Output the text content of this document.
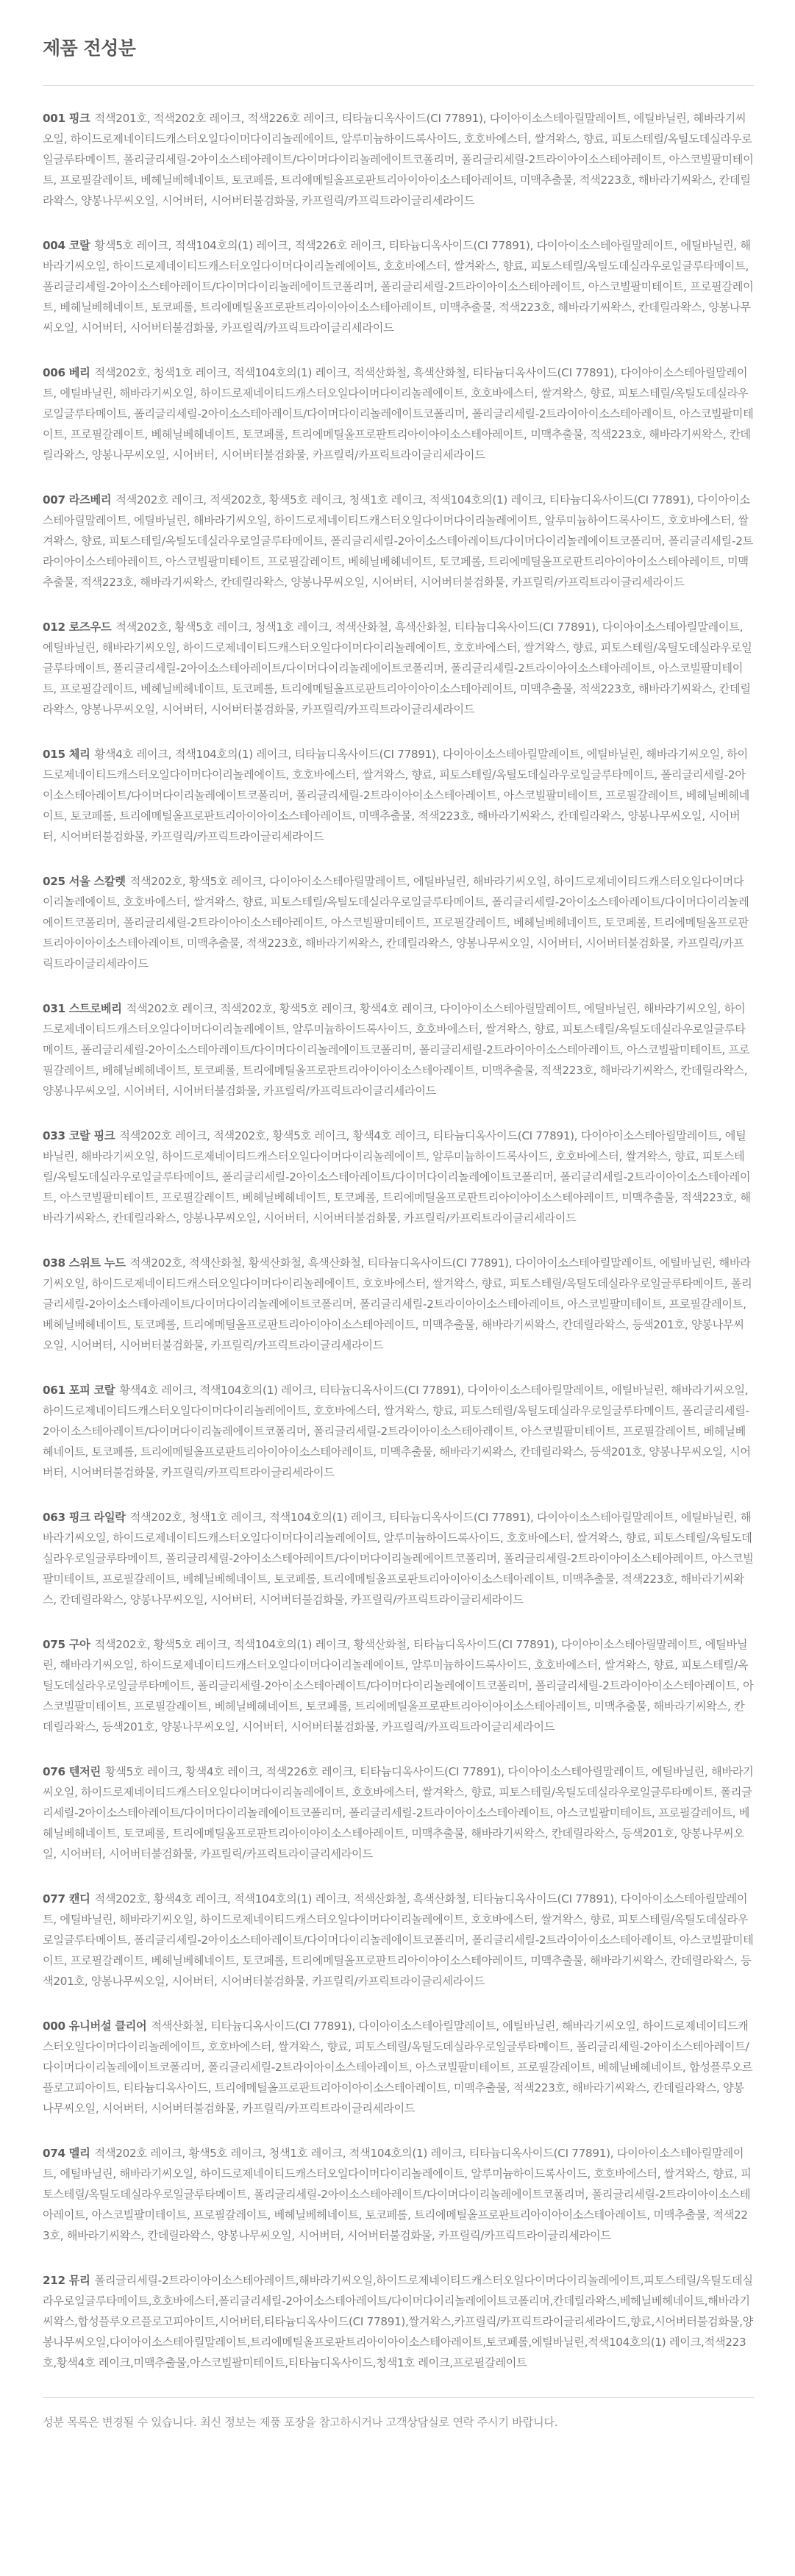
제품 전성분

001 핑크 적색201호, 적색202호 레이크, 적색226호 레이크, 티타늄디옥사이드(CI 77891), 다이아이소스테아릴말레이트, 에틸바닐린, 헤바라기씨오일, 하이드로제네이티드캐스터오일다이머다이리놀레에이트, 알루미늄하이드록사이드, 호호바에스터, 쌀겨왁스, 향료, 피토스테릴/옥틸도데실라우로일글루타메이트, 폴리글리세릴-2아이소스테아레이트/다이머다이리놀레에이트코폴리머, 폴리글리세릴-2트라이아이소스테아레이트, 아스코빌팔미테이트, 프로필갈레이트, 베헤닐베헤네이트, 토코페롤, 트리에메틸올프로판트리아이아이소스테아레이트, 미맥추출물, 적색223호, 해바라기씨왁스, 칸데릴라왁스, 양봉나무씨오일, 시어버터, 시어버터불검화물, 카프릴릭/카프릭트라이글리세라이드

004 코랄 황색5호 레이크, 적색104호의(1) 레이크, 적색226호 레이크, 티타늄디옥사이드(CI 77891), 다이아이소스테아릴말레이트, 에틸바닐린, 해바라기씨오일, 하이드로제네이티드캐스터오일다이머다이리놀레에이트, 호호바에스터, 쌀겨왁스, 향료, 피토스테릴/옥틸도데실라우로일글루타메이트, 폴리글리세릴-2아이소스테아레이트/다이머다이리놀레에이트코폴리머, 폴리글리세릴-2트라이아이소스테아레이트, 아스코빌팔미테이트, 프로필갈레이트, 베헤닐베헤네이트, 토코페롤, 트리에메틸올프로판트리아이아이소스테아레이트, 미맥추출물, 적색223호, 해바라기씨왁스, 칸데릴라왁스, 양봉나무씨오일, 시어버터, 시어버터불검화물, 카프릴릭/카프릭트라이글리세라이드

006 베리 적색202호, 청색1호 레이크, 적색104호의(1) 레이크, 적색산화철, 흑색산화철, 티타늄디옥사이드(CI 77891), 다이아이소스테아릴말레이트, 에틸바닐린, 해바라기씨오일, 하이드로제네이티드캐스터오일다이머다이리놀레에이트, 호호바에스터, 쌀겨왁스, 향료, 피토스테릴/옥틸도데실라우로일글루타메이트, 폴리글리세릴-2아이소스테아레이트/다이머다이리놀레에이트코폴리머, 폴리글리세릴-2트라이아이소스테아레이트, 아스코빌팔미테이트, 프로필갈레이트, 베헤닐베헤네이트, 토코페롤, 트리에메틸올프로판트리아이아이소스테아레이트, 미맥추출물, 적색223호, 해바라기씨왁스, 칸데릴라왁스, 양봉나무씨오일, 시어버터, 시어버터불검화물, 카프릴릭/카프릭트라이글리세라이드

007 라즈베리 적색202호 레이크, 적색202호, 황색5호 레이크, 청색1호 레이크, 적색104호의(1) 레이크, 티타늄디옥사이드(CI 77891), 다이아이소스테아릴말레이트, 에틸바닐린, 해바라기씨오일, 하이드로제네이티드캐스터오일다이머다이리놀레에이트, 알루미늄하이드록사이드, 호호바에스터, 쌀겨왁스, 향료, 피토스테릴/옥틸도데실라우로일글루타메이트, 폴리글리세릴-2아이소스테아레이트/다이머다이리놀레에이트코폴리머, 폴리글리세릴-2트라이아이소스테아레이트, 아스코빌팔미테이트, 프로필갈레이트, 베헤닐베헤네이트, 토코페롤, 트리에메틸올프로판트리아이아이소스테아레이트, 미맥추출물, 적색223호, 해바라기씨왁스, 칸데릴라왁스, 양봉나무씨오일, 시어버터, 시어버터불검화물, 카프릴릭/카프릭트라이글리세라이드

012 로즈우드 적색202호, 황색5호 레이크, 청색1호 레이크, 적색산화철, 흑색산화철, 티타늄디옥사이드(CI 77891), 다이아이소스테아릴말레이트, 에틸바닐린, 해바라기씨오일, 하이드로제네이티드캐스터오일다이머다이리놀레에이트, 호호바에스터, 쌀겨왁스, 향료, 피토스테릴/옥틸도데실라우로일글루타메이트, 폴리글리세릴-2아이소스테아레이트/다이머다이리놀레에이트코폴리머, 폴리글리세릴-2트라이아이소스테아레이트, 아스코빌팔미테이트, 프로필갈레이트, 베헤닐베헤네이트, 토코페롤, 트리에메틸올프로판트리아이아이소스테아레이트, 미맥추출물, 적색223호, 해바라기씨왁스, 칸데릴라왁스, 양봉나무씨오일, 시어버터, 시어버터불검화물, 카프릴릭/카프릭트라이글리세라이드

015 체리 황색4호 레이크, 적색104호의(1) 레이크, 티타늄디옥사이드(CI 77891), 다이아이소스테아릴말레이트, 에틸바닐린, 해바라기씨오일, 하이드로제네이티드캐스터오일다이머다이리놀레에이트, 호호바에스터, 쌀겨왁스, 향료, 피토스테릴/옥틸도데실라우로일글루타메이트, 폴리글리세릴-2아이소스테아레이트/다이머다이리놀레에이트코폴리머, 폴리글리세릴-2트라이아이소스테아레이트, 아스코빌팔미테이트, 프로필갈레이트, 베헤닐베헤네이트, 토코페롤, 트리에메틸올프로판트리아이아이소스테아레이트, 미맥추출물, 적색223호, 해바라기씨왁스, 칸데릴라왁스, 양봉나무씨오일, 시어버터, 시어버터불검화물, 카프릴릭/카프릭트라이글리세라이드

025 서울 스칼렛 적색202호, 황색5호 레이크, 다이아이소스테아릴말레이트, 에틸바닐린, 해바라기씨오일, 하이드로제네이티드캐스터오일다이머다이리놀레에이트, 호호바에스터, 쌀겨왁스, 향료, 피토스테릴/옥틸도데실라우로일글루타메이트, 폴리글리세릴-2아이소스테아레이트/다이머다이리놀레에이트코폴리머, 폴리글리세릴-2트라이아이소스테아레이트, 아스코빌팔미테이트, 프로필갈레이트, 베헤닐베헤네이트, 토코페롤, 트리에메틸올프로판트리아이아이소스테아레이트, 미맥추출물, 적색223호, 해바라기씨왁스, 칸데릴라왁스, 양봉나무씨오일, 시어버터, 시어버터불검화물, 카프릴릭/카프릭트라이글리세라이드

031 스트로베리 적색202호 레이크, 적색202호, 황색5호 레이크, 황색4호 레이크, 다이아이소스테아릴말레이트, 에틸바닐린, 해바라기씨오일, 하이드로제네이티드캐스터오일다이머다이리놀레에이트, 알루미늄하이드록사이드, 호호바에스터, 쌀겨왁스, 향료, 피토스테릴/옥틸도데실라우로일글루타메이트, 폴리글리세릴-2아이소스테아레이트/다이머다이리놀레에이트코폴리머, 폴리글리세릴-2트라이아이소스테아레이트, 아스코빌팔미테이트, 프로필갈레이트, 베헤닐베헤네이트, 토코페롤, 트리에메틸올프로판트리아이아이소스테아레이트, 미맥추출물, 적색223호, 해바라기씨왁스, 칸데릴라왁스, 양봉나무씨오일, 시어버터, 시어버터불검화물, 카프릴릭/카프릭트라이글리세라이드

033 코랄 핑크 적색202호 레이크, 적색202호, 황색5호 레이크, 황색4호 레이크, 티타늄디옥사이드(CI 77891), 다이아이소스테아릴말레이트, 에틸바닐린, 해바라기씨오일, 하이드로제네이티드캐스터오일다이머다이리놀레에이트, 알루미늄하이드록사이드, 호호바에스터, 쌀겨왁스, 향료, 피토스테릴/옥틸도데실라우로일글루타메이트, 폴리글리세릴-2아이소스테아레이트/다이머다이리놀레에이트코폴리머, 폴리글리세릴-2트라이아이소스테아레이트, 아스코빌팔미테이트, 프로필갈레이트, 베헤닐베헤네이트, 토코페롤, 트리에메틸올프로판트리아이아이소스테아레이트, 미맥추출물, 적색223호, 해바라기씨왁스, 칸데릴라왁스, 양봉나무씨오일, 시어버터, 시어버터불검화물, 카프릴릭/카프릭트라이글리세라이드

038 스위트 누드 적색202호, 적색산화철, 황색산화철, 흑색산화철, 티타늄디옥사이드(CI 77891), 다이아이소스테아릴말레이트, 에틸바닐린, 해바라기씨오일, 하이드로제네이티드캐스터오일다이머다이리놀레에이트, 호호바에스터, 쌀겨왁스, 향료, 피토스테릴/옥틸도데실라우로일글루타메이트, 폴리글리세릴-2아이소스테아레이트/다이머다이리놀레에이트코폴리머, 폴리글리세릴-2트라이아이소스테아레이트, 아스코빌팔미테이트, 프로필갈레이트, 베헤닐베헤네이트, 토코페롤, 트리에메틸올프로판트리아이아이소스테아레이트, 미맥추출물, 해바라기씨왁스, 칸데릴라왁스, 등색201호, 양봉나무씨오일, 시어버터, 시어버터불검화물, 카프릴릭/카프릭트라이글리세라이드

061 포피 코랄 황색4호 레이크, 적색104호의(1) 레이크, 티타늄디옥사이드(CI 77891), 다이아이소스테아릴말레이트, 에틸바닐린, 해바라기씨오일, 하이드로제네이티드캐스터오일다이머다이리놀레에이트, 호호바에스터, 쌀겨왁스, 향료, 피토스테릴/옥틸도데실라우로일글루타메이트, 폴리글리세릴-2아이소스테아레이트/다이머다이리놀레에이트코폴리머, 폴리글리세릴-2트라이아이소스테아레이트, 아스코빌팔미테이트, 프로필갈레이트, 베헤닐베헤네이트, 토코페롤, 트리에메틸올프로판트리아이아이소스테아레이트, 미맥추출물, 해바라기씨왁스, 칸데릴라왁스, 등색201호, 양봉나무씨오일, 시어버터, 시어버터불검화물, 카프릴릭/카프릭트라이글리세라이드

063 핑크 라일락 적색202호, 청색1호 레이크, 적색104호의(1) 레이크, 티타늄디옥사이드(CI 77891), 다이아이소스테아릴말레이트, 에틸바닐린, 해바라기씨오일, 하이드로제네이티드캐스터오일다이머다이리놀레에이트, 알루미늄하이드록사이드, 호호바에스터, 쌀겨왁스, 향료, 피토스테릴/옥틸도데실라우로일글루타메이트, 폴리글리세릴-2아이소스테아레이트/다이머다이리놀레에이트코폴리머, 폴리글리세릴-2트라이아이소스테아레이트, 아스코빌팔미테이트, 프로필갈레이트, 베헤닐베헤네이트, 토코페롤, 트리에메틸올프로판트리아이아이소스테아레이트, 미맥추출물, 적색223호, 해바라기씨왁스, 칸데릴라왁스, 양봉나무씨오일, 시어버터, 시어버터불검화물, 카프릴릭/카프릭트라이글리세라이드

075 구아 적색202호, 황색5호 레이크, 적색104호의(1) 레이크, 황색산화철, 티타늄디옥사이드(CI 77891), 다이아이소스테아릴말레이트, 에틸바닐린, 해바라기씨오일, 하이드로제네이티드캐스터오일다이머다이리놀레에이트, 알루미늄하이드록사이드, 호호바에스터, 쌀겨왁스, 향료, 피토스테릴/옥틸도데실라우로일글루타메이트, 폴리글리세릴-2아이소스테아레이트/다이머다이리놀레에이트코폴리머, 폴리글리세릴-2트라이아이소스테아레이트, 아스코빌팔미테이트, 프로필갈레이트, 베헤닐베헤네이트, 토코페롤, 트리에메틸올프로판트리아이아이소스테아레이트, 미맥추출물, 해바라기씨왁스, 칸데릴라왁스, 등색201호, 양봉나무씨오일, 시어버터, 시어버터불검화물, 카프릴릭/카프릭트라이글리세라이드

076 텐저린 황색5호 레이크, 황색4호 레이크, 적색226호 레이크, 티타늄디옥사이드(CI 77891), 다이아이소스테아릴말레이트, 에틸바닐린, 해바라기씨오일, 하이드로제네이티드캐스터오일다이머다이리놀레에이트, 호호바에스터, 쌀겨왁스, 향료, 피토스테릴/옥틸도데실라우로일글루타메이트, 폴리글리세릴-2아이소스테아레이트/다이머다이리놀레에이트코폴리머, 폴리글리세릴-2트라이아이소스테아레이트, 아스코빌팔미테이트, 프로필갈레이트, 베헤닐베헤네이트, 토코페롤, 트리에메틸올프로판트리아이아이소스테아레이트, 미맥추출물, 해바라기씨왁스, 칸데릴라왁스, 등색201호, 양봉나무씨오일, 시어버터, 시어버터불검화물, 카프릴릭/카프릭트라이글리세라이드

077 캔디 적색202호, 황색4호 레이크, 적색104호의(1) 레이크, 적색산화철, 흑색산화철, 티타늄디옥사이드(CI 77891), 다이아이소스테아릴말레이트, 에틸바닐린, 해바라기씨오일, 하이드로제네이티드캐스터오일다이머다이리놀레에이트, 호호바에스터, 쌀겨왁스, 향료, 피토스테릴/옥틸도데실라우로일글루타메이트, 폴리글리세릴-2아이소스테아레이트/다이머다이리놀레에이트코폴리머, 폴리글리세릴-2트라이아이소스테아레이트, 아스코빌팔미테이트, 프로필갈레이트, 베헤닐베헤네이트, 토코페롤, 트리에메틸올프로판트리아이아이소스테아레이트, 미맥추출물, 해바라기씨왁스, 칸데릴라왁스, 등색201호, 양봉나무씨오일, 시어버터, 시어버터불검화물, 카프릴릭/카프릭트라이글리세라이드

000 유니버설 클리어 적색산화철, 티타늄디옥사이드(CI 77891), 다이아이소스테아릴말레이트, 에틸바닐린, 해바라기씨오일, 하이드로제네이티드캐스터오일다이머다이리놀레에이트, 호호바에스터, 쌀겨왁스, 향료, 피토스테릴/옥틸도데실라우로일글루타메이트, 폴리글리세릴-2아이소스테아레이트/다이머다이리놀레에이트코폴리머, 폴리글리세릴-2트라이아이소스테아레이트, 아스코빌팔미테이트, 프로필갈레이트, 베헤닐베헤네이트, 합성플루오르플로고피아이트, 티타늄디옥사이드, 트리에메틸올프로판트리아이아이소스테아레이트, 미맥추출물, 적색223호, 해바라기씨왁스, 칸데릴라왁스, 양봉나무씨오일, 시어버터, 시어버터불검화물, 카프릴릭/카프릭트라이글리세라이드

074 멜리 적색202호 레이크, 황색5호 레이크, 청색1호 레이크, 적색104호의(1) 레이크, 티타늄디옥사이드(CI 77891), 다이아이소스테아릴말레이트, 에틸바닐린, 해바라기씨오일, 하이드로제네이티드캐스터오일다이머다이리놀레에이트, 알루미늄하이드록사이드, 호호바에스터, 쌀겨왁스, 향료, 피토스테릴/옥틸도데실라우로일글루타메이트, 폴리글리세릴-2아이소스테아레이트/다이머다이리놀레에이트코폴리머, 폴리글리세릴-2트라이아이소스테아레이트, 아스코빌팔미테이트, 프로필갈레이트, 베헤닐베헤네이트, 토코페롤, 트리에메틸올프로판트리아이아이소스테아레이트, 미맥추출물, 적색223호, 해바라기씨왁스, 칸데릴라왁스, 양봉나무씨오일, 시어버터, 시어버터불검화물, 카프릴릭/카프릭트라이글리세라이드

212 뮤리 폴리글리세릴-2트라이아이소스테아레이트,해바라기씨오일,하이드로제네이티드캐스터오일다이머다이리놀레에이트,피토스테릴/옥틸도데실라우로일글루타메이트,호호바에스터,폴리글리세릴-2아이소스테아레이트/다이머다이리놀레에이트코폴리머,칸데릴라왁스,베헤닐베헤네이트,해바라기씨왁스,합성플루오르플로고피아이트,시어버터,티타늄디옥사이드(CI 77891),쌀겨왁스,카프릴릭/카프릭트라이글리세라이드,향료,시어버터불검화물,양봉나무씨오일,다이아이소스테아릴말레이트,트리에메틸올프로판트리아이아이소스테아레이트,토코페롤,에틸바닐린,적색104호의(1) 레이크,적색223호,황색4호 레이크,미맥추출물,아스코빌팔미테이트,티타늄디옥사이드,청색1호 레이크,프로필갈레이트

성분 목록은 변경될 수 있습니다. 최신 정보는 제품 포장을 참고하시거나 고객상담실로 연락 주시기 바랍니다.
